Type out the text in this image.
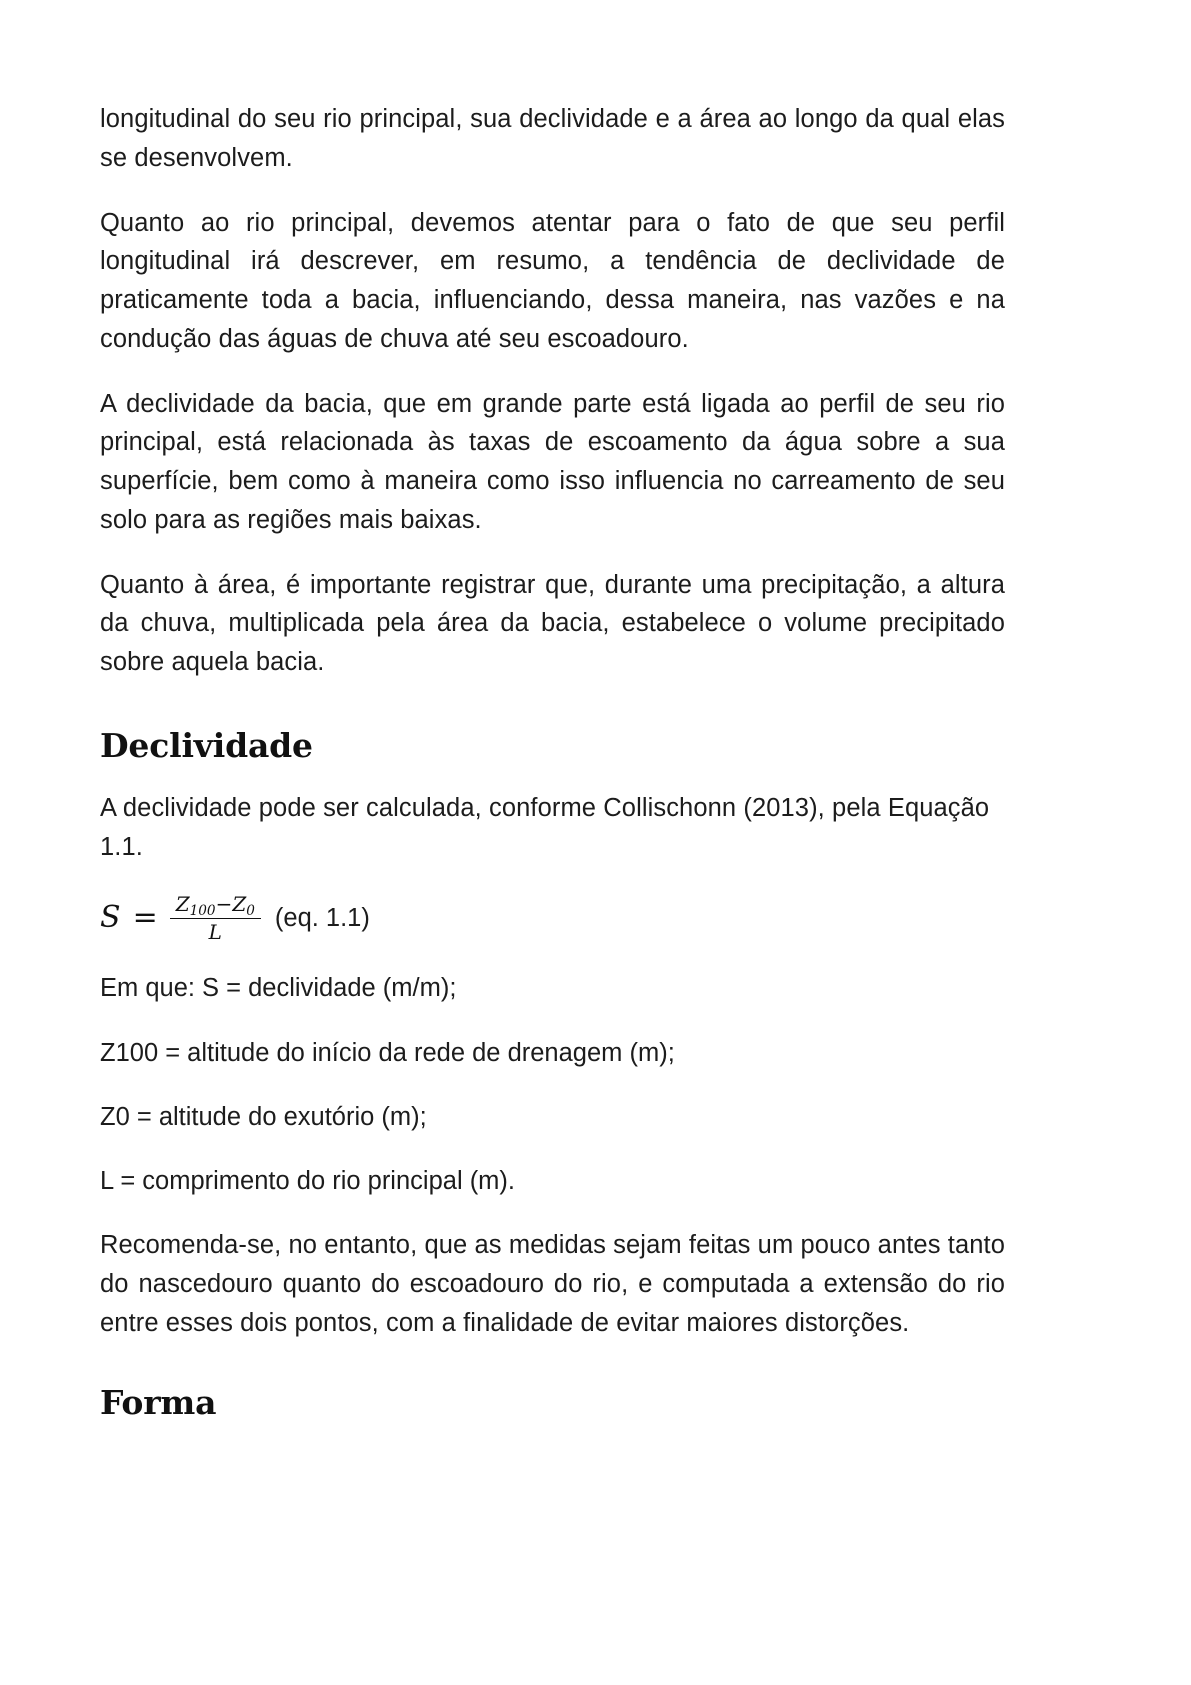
longitudinal do seu rio principal, sua declividade e a área ao longo da qual elas se desenvolvem.

Quanto ao rio principal, devemos atentar para o fato de que seu perfil longitudinal irá descrever, em resumo, a tendência de declividade de praticamente toda a bacia, influenciando, dessa maneira, nas vazões e na condução das águas de chuva até seu escoadouro.

A declividade da bacia, que em grande parte está ligada ao perfil de seu rio principal, está relacionada às taxas de escoamento da água sobre a sua superfície, bem como à maneira como isso influencia no carreamento de seu solo para as regiões mais baixas.

Quanto à área, é importante registrar que, durante uma precipitação, a altura da chuva, multiplicada pela área da bacia, estabelece o volume precipitado sobre aquela bacia.

Declividade

A declividade pode ser calculada, conforme Collischonn (2013), pela Equação 1.1.

$S = \frac{Z_{100}-Z_0}{L} (eq$. 1.1)

Em que: S = declividade (m/m);

Z100 = altitude do início da rede de drenagem (m);

Z0 = altitude do exutório (m);

L = comprimento do rio principal (m).

Recomenda-se, no entanto, que as medidas sejam feitas um pouco antes tanto do nascedouro quanto do escoadouro do rio, e computada a extensão do rio entre esses dois pontos, com a finalidade de evitar maiores distorções.

Forma
